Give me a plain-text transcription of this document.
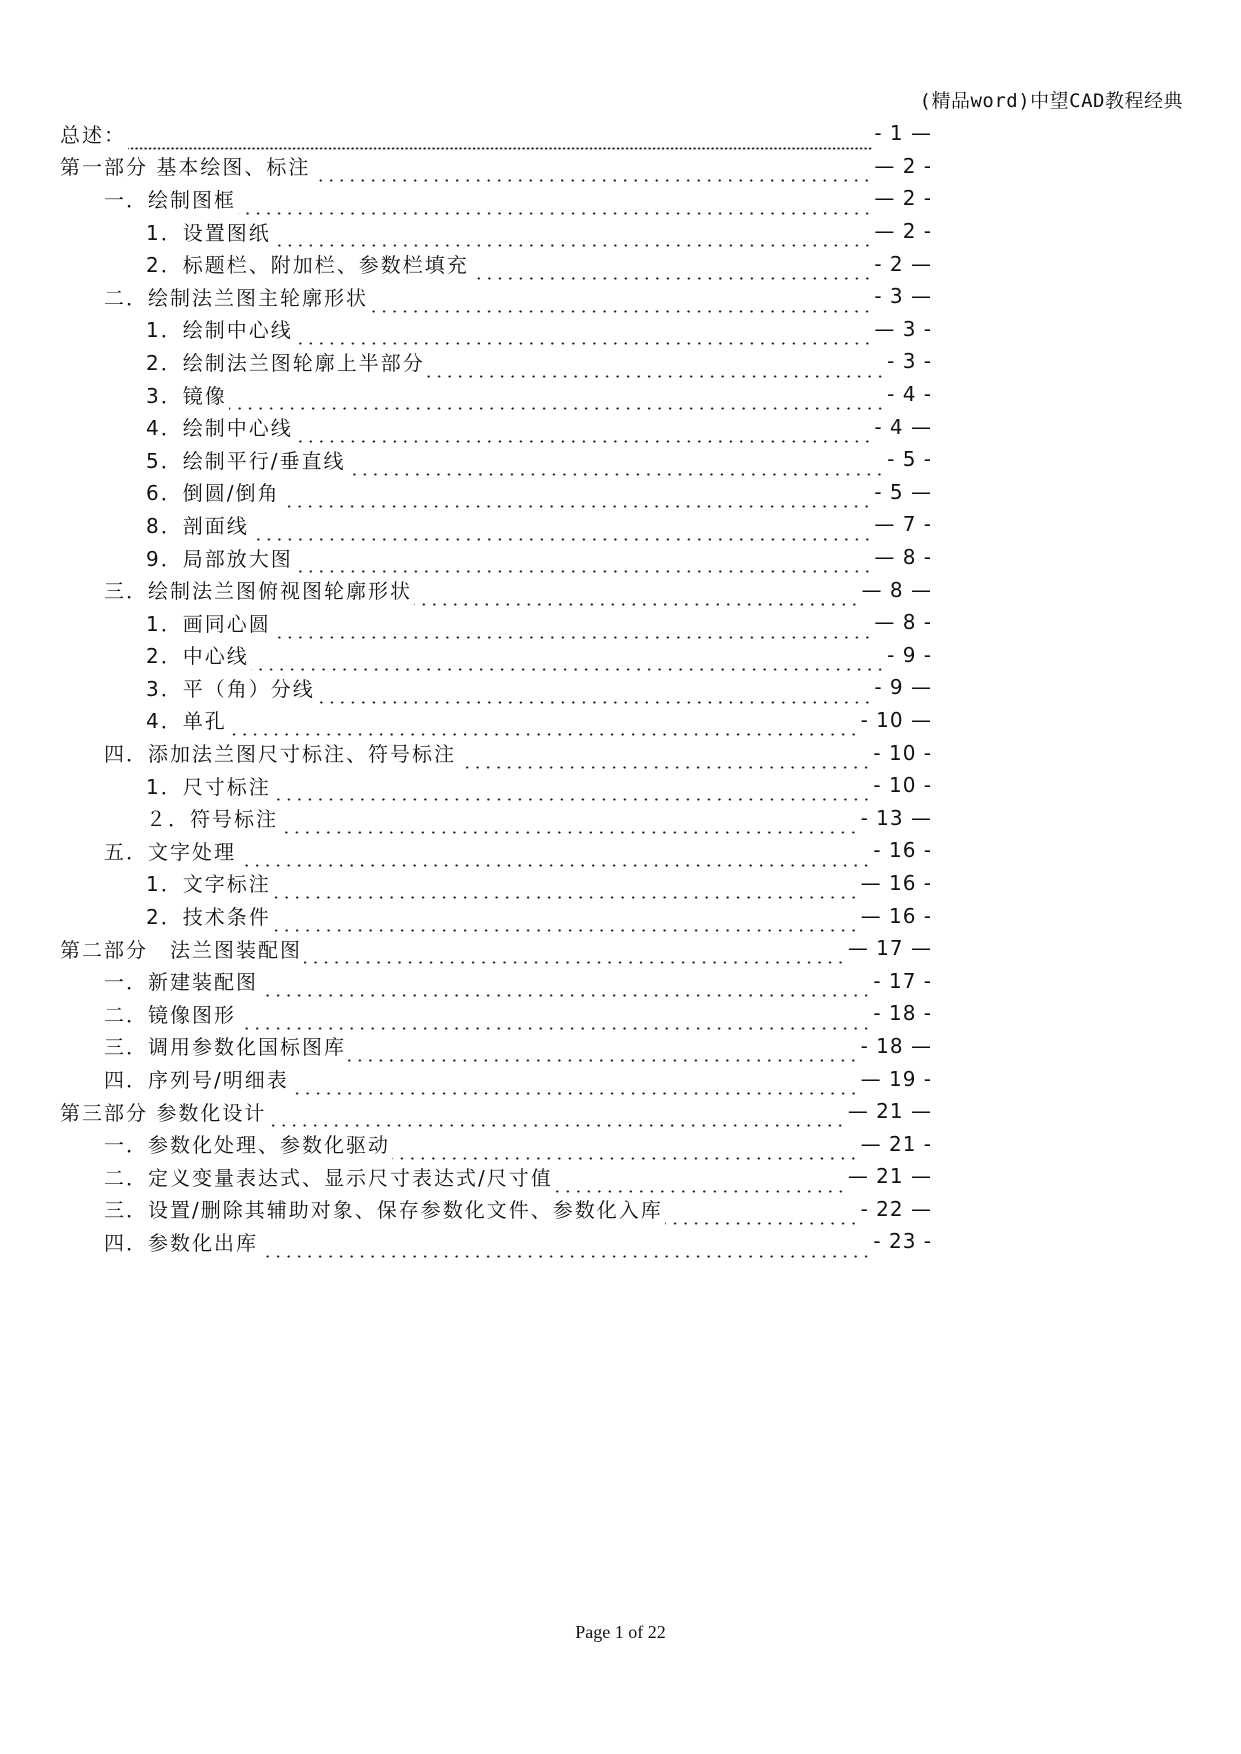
(精品word)中望CAD教程经典
总述：	- 1 —
第一部分 基本绘图、标注	— 2 -
一．绘制图框	— 2 -
1．设置图纸	— 2 -
2．标题栏、附加栏、参数栏填充	- 2 —
二．绘制法兰图主轮廓形状	- 3 —
1．绘制中心线	— 3 -
2．绘制法兰图轮廓上半部分	- 3 -
3．镜像	- 4 -
4．绘制中心线	- 4 —
5．绘制平行/垂直线	- 5 -
6．倒圆/倒角	- 5 —
8．剖面线	— 7 -
9．局部放大图	— 8 -
三．绘制法兰图俯视图轮廓形状	— 8 —
1．画同心圆	— 8 -
2．中心线	- 9 -
3．平（角）分线	- 9 —
4．单孔	- 10 —
四．添加法兰图尺寸标注、符号标注	- 10 -
1．尺寸标注	- 10 -
２．符号标注	- 13 —
五．文字处理	- 16 -
1．文字标注	— 16 -
2．技术条件	— 16 -
第二部分　法兰图装配图	— 17 —
一．新建装配图	- 17 -
二．镜像图形	- 18 -
三．调用参数化国标图库	- 18 —
四．序列号/明细表	— 19 -
第三部分 参数化设计	— 21 —
一．参数化处理、参数化驱动	— 21 -
二．定义变量表达式、显示尺寸表达式/尺寸值	— 21 —
三．设置/删除其辅助对象、保存参数化文件、参数化入库	- 22 —
四．参数化出库	- 23 -
Page 1 of 22
